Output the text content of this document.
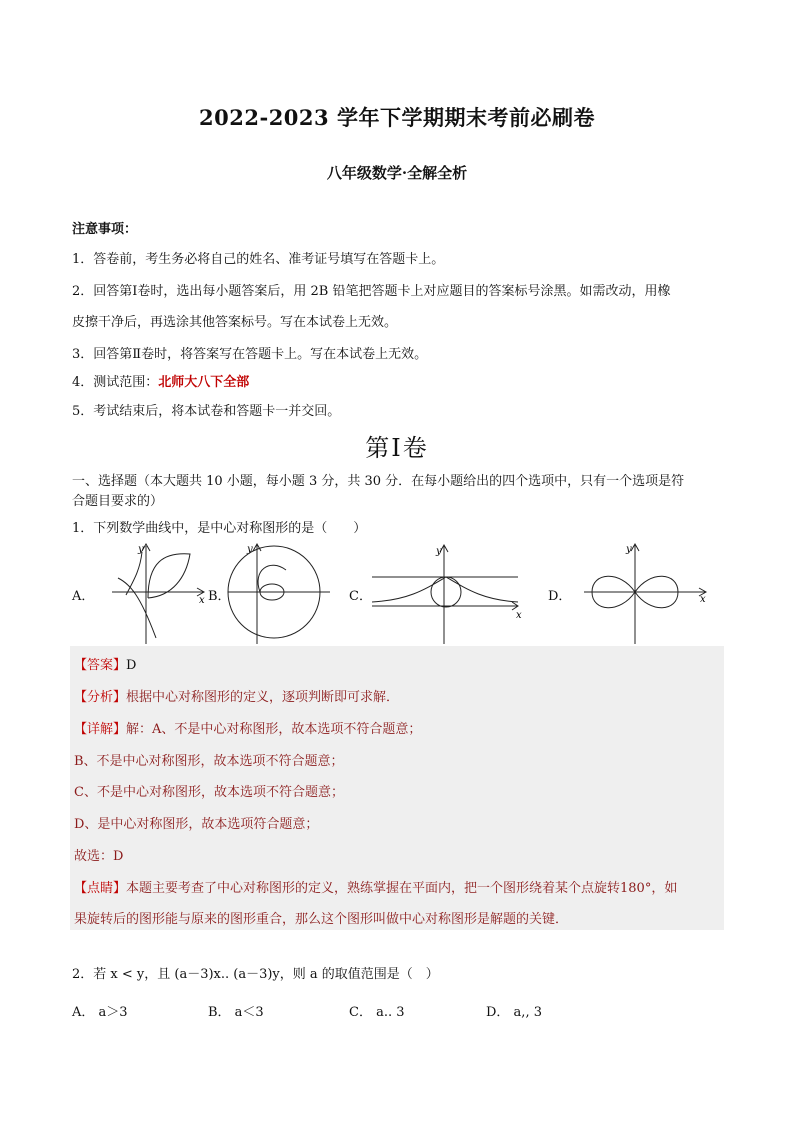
2022-2023 学年下学期期末考前必刷卷
八年级数学·全解全析
注意事项：
1．答卷前，考生务必将自己的姓名、准考证号填写在答题卡上。
2．回答第Ⅰ卷时，选出每小题答案后，用 2B 铅笔把答题卡上对应题目的答案标号涂黑。如需改动，用橡
皮擦干净后，再选涂其他答案标号。写在本试卷上无效。
3．回答第Ⅱ卷时，将答案写在答题卡上。写在本试卷上无效。
4．测试范围：北师大八下全部
5．考试结束后，将本试卷和答题卡一并交回。
第Ⅰ卷
一、选择题（本大题共 10 小题，每小题 3 分，共 30 分．在每小题给出的四个选项中，只有一个选项是符
合题目要求的）
1．下列数学曲线中，是中心对称图形的是（　　）
A．	B．	C．	D．
y
x
y	y
x
y
x
【答案】D
【分析】根据中心对称图形的定义，逐项判断即可求解．
【详解】解：A、不是中心对称图形，故本选项不符合题意；
B、不是中心对称图形，故本选项不符合题意；
C、不是中心对称图形，故本选项不符合题意；
D、是中心对称图形，故本选项符合题意；
故选：D
【点睛】本题主要考查了中心对称图形的定义，熟练掌握在平面内，把一个图形绕着某个点旋转180°，如
果旋转后的图形能与原来的图形重合，那么这个图形叫做中心对称图形是解题的关键．
2．若 x < y，且 (a－3)x.. (a－3)y，则 a 的取值范围是（　）
A． a＞3	B． a＜3	C． a.. 3	D． a,, 3
